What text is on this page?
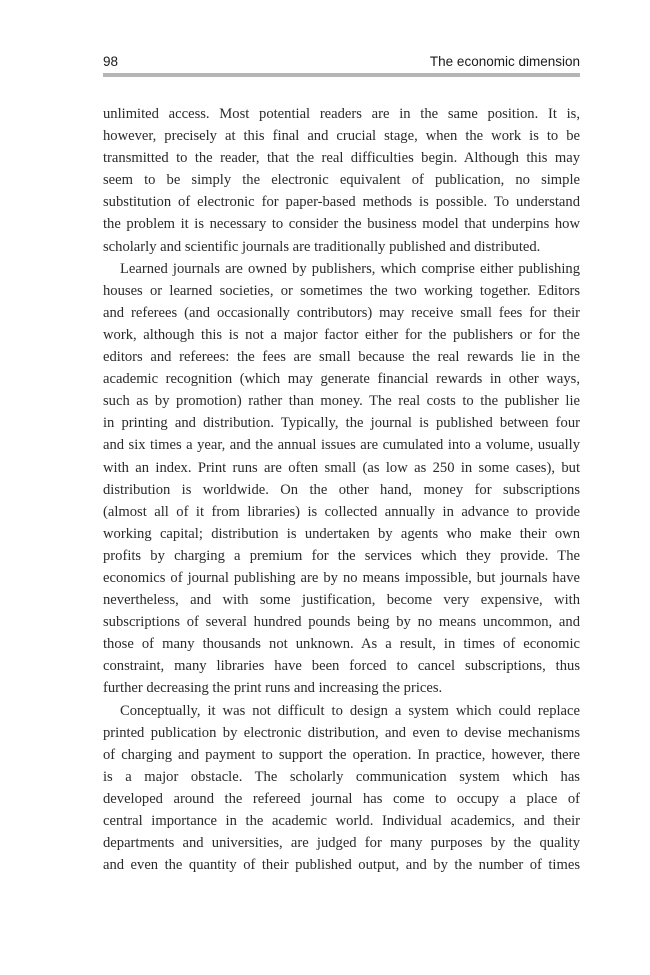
98	The economic dimension
unlimited access. Most potential readers are in the same position. It is,
however, precisely at this final and crucial stage, when the work is to be
transmitted to the reader, that the real difficulties begin. Although this may
seem to be simply the electronic equivalent of publication, no simple
substitution of electronic for paper-based methods is possible. To understand
the problem it is necessary to consider the business model that underpins how
scholarly and scientific journals are traditionally published and distributed.
Learned journals are owned by publishers, which comprise either publishing
houses or learned societies, or sometimes the two working together. Editors
and referees (and occasionally contributors) may receive small fees for their
work, although this is not a major factor either for the publishers or for the
editors and referees: the fees are small because the real rewards lie in the
academic recognition (which may generate financial rewards in other ways,
such as by promotion) rather than money. The real costs to the publisher lie
in printing and distribution. Typically, the journal is published between four
and six times a year, and the annual issues are cumulated into a volume, usually
with an index. Print runs are often small (as low as 250 in some cases), but
distribution is worldwide. On the other hand, money for subscriptions
(almost all of it from libraries) is collected annually in advance to provide
working capital; distribution is undertaken by agents who make their own
profits by charging a premium for the services which they provide. The
economics of journal publishing are by no means impossible, but journals have
nevertheless, and with some justification, become very expensive, with
subscriptions of several hundred pounds being by no means uncommon, and
those of many thousands not unknown. As a result, in times of economic
constraint, many libraries have been forced to cancel subscriptions, thus
further decreasing the print runs and increasing the prices.
Conceptually, it was not difficult to design a system which could replace
printed publication by electronic distribution, and even to devise mechanisms
of charging and payment to support the operation. In practice, however, there
is a major obstacle. The scholarly communication system which has
developed around the refereed journal has come to occupy a place of
central importance in the academic world. Individual academics, and their
departments and universities, are judged for many purposes by the quality
and even the quantity of their published output, and by the number of times
